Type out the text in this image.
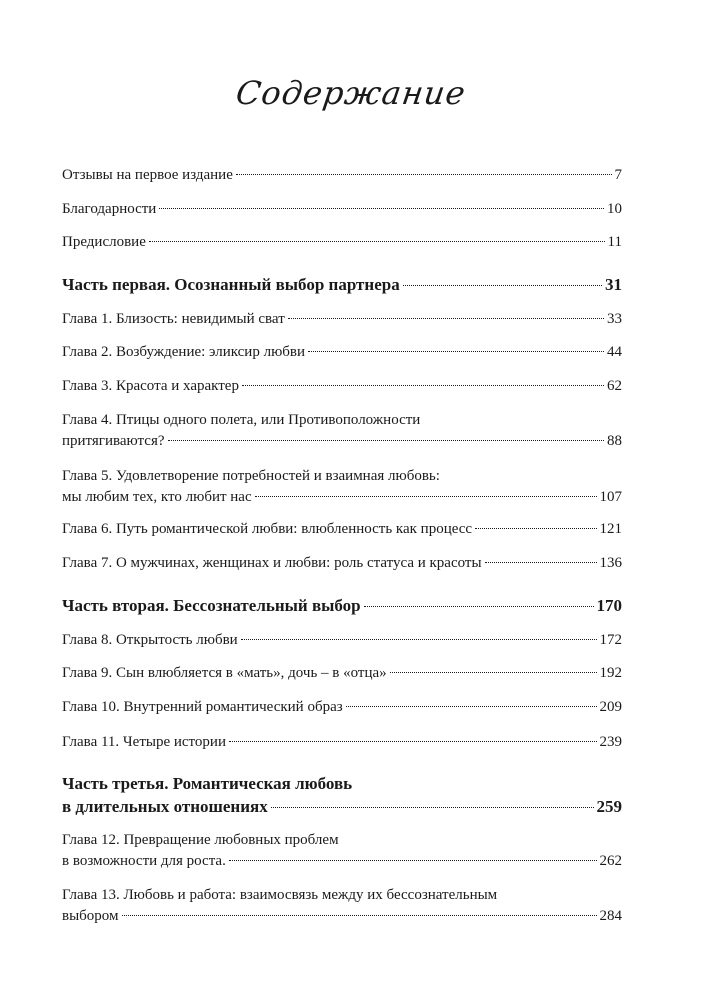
Содержание
Отзывы на первое издание	7
Благодарности	10
Предисловие	11
Часть первая. Осознанный выбор партнера	31
Глава 1. Близость: невидимый сват	33
Глава 2. Возбуждение: эликсир любви	44
Глава 3. Красота и характер	62
Глава 4. Птицы одного полета, или Противоположности
притягиваются?	88
Глава 5. Удовлетворение потребностей и взаимная любовь:
мы любим тех, кто любит нас	107
Глава 6. Путь романтической любви: влюбленность как процесс	121
Глава 7. О мужчинах, женщинах и любви: роль статуса и красоты	136
Часть вторая. Бессознательный выбор	170
Глава 8. Открытость любви	172
Глава 9. Сын влюбляется в «мать», дочь – в «отца»	192
Глава 10. Внутренний романтический образ	209
Глава 11. Четыре истории	239
Часть третья. Романтическая любовь
в длительных отношениях	259
Глава 12. Превращение любовных проблем
в возможности для роста.	262
Глава 13. Любовь и работа: взаимосвязь между их бессознательным
выбором	284
